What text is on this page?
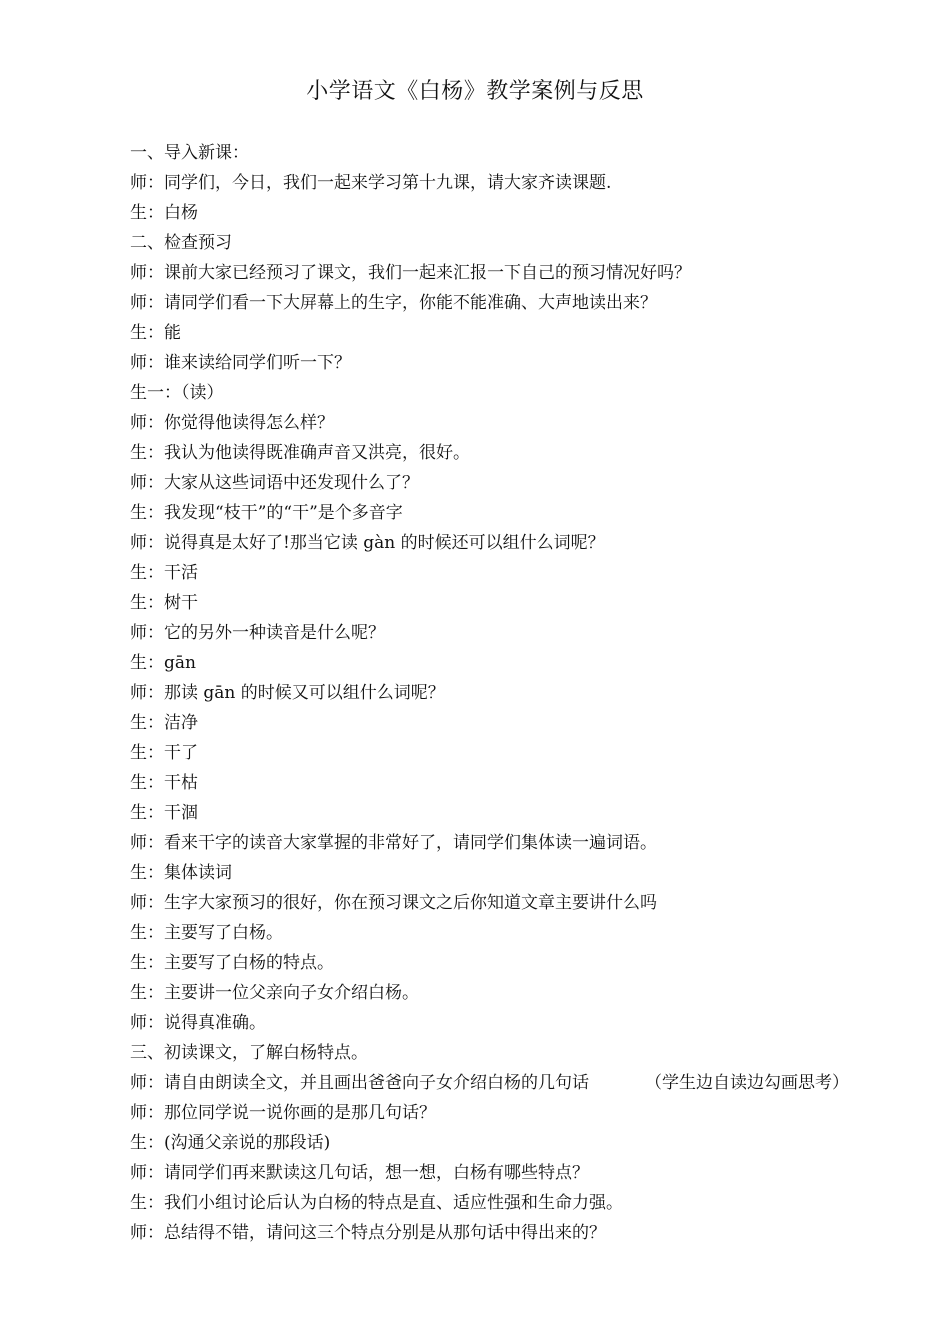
小学语文《白杨》教学案例与反思
一、导入新课：
师：同学们，今日，我们一起来学习第十九课，请大家齐读课题.
生：白杨
二、检查预习
师：课前大家已经预习了课文，我们一起来汇报一下自己的预习情况好吗？
师：请同学们看一下大屏幕上的生字，你能不能准确、大声地读出来？
生：能
师：谁来读给同学们听一下？
生一：（读）
师：你觉得他读得怎么样？
生：我认为他读得既准确声音又洪亮，很好。
师：大家从这些词语中还发现什么了？
生：我发现“枝干”的“干”是个多音字
师：说得真是太好了!那当它读 gàn 的时候还可以组什么词呢？
生：干活
生：树干
师：它的另外一种读音是什么呢？
生：gān
师：那读 gān 的时候又可以组什么词呢？
生：洁净
生：干了
生：干枯
生：干涸
师：看来干字的读音大家掌握的非常好了，请同学们集体读一遍词语。
生：集体读词
师：生字大家预习的很好，你在预习课文之后你知道文章主要讲什么吗
生：主要写了白杨。
生：主要写了白杨的特点。
生：主要讲一位父亲向子女介绍白杨。
师：说得真准确。
三、初读课文，了解白杨特点。
师：请自由朗读全文，并且画出爸爸向子女介绍白杨的几句话	（学生边自读边勾画思考）
师：那位同学说一说你画的是那几句话？
生：(沟通父亲说的那段话)
师：请同学们再来默读这几句话，想一想，白杨有哪些特点？
生：我们小组讨论后认为白杨的特点是直、适应性强和生命力强。
师：总结得不错，请问这三个特点分别是从那句话中得出来的？
